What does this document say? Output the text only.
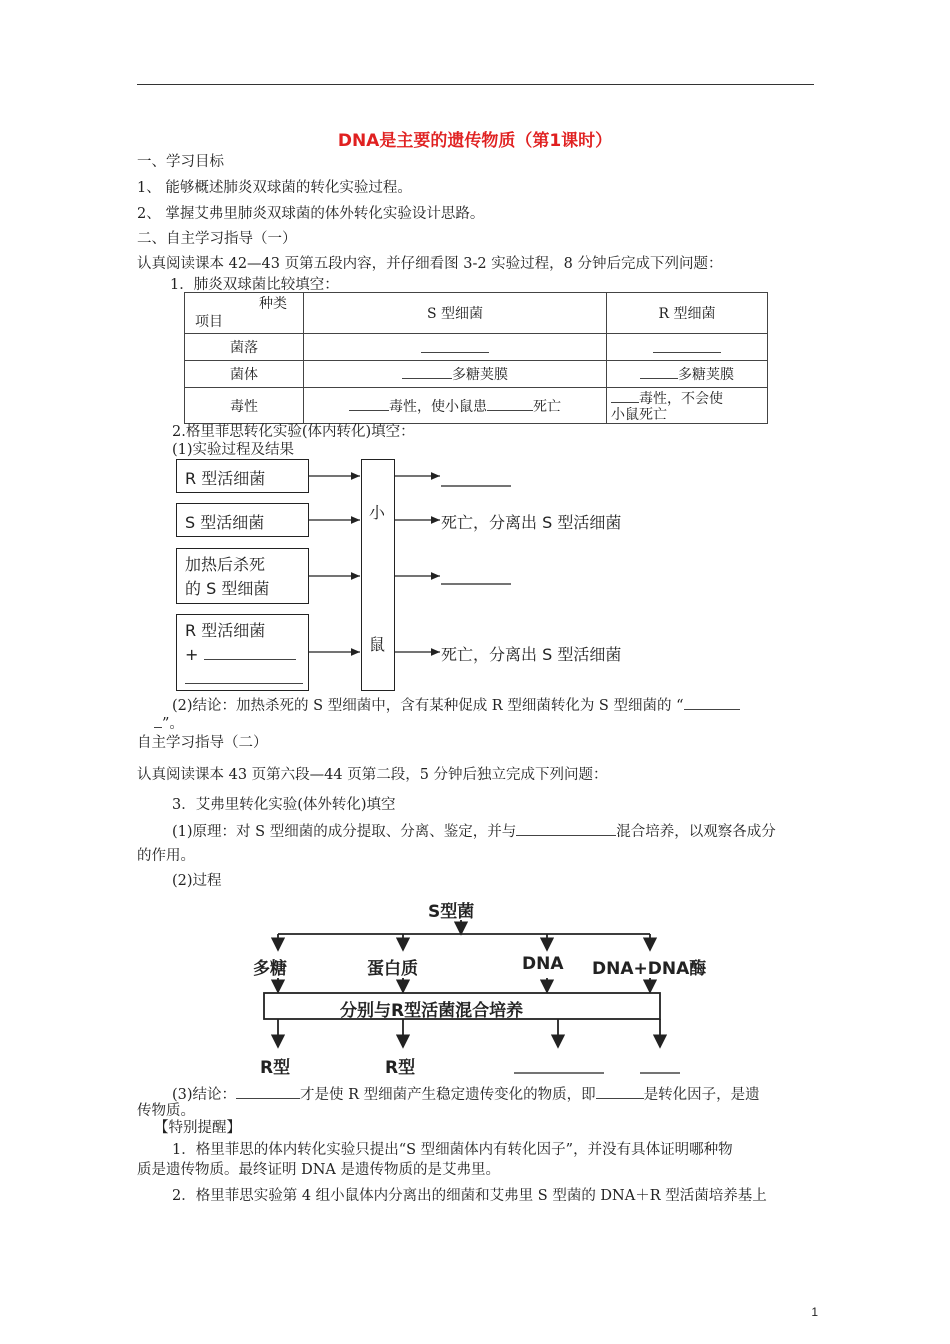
DNA是主要的遗传物质（第1课时）
一、学习目标
1、 能够概述肺炎双球菌的转化实验过程。
2、 掌握艾弗里肺炎双球菌的体外转化实验设计思路。
二、自主学习指导（一）
认真阅读课本 42—43 页第五段内容，并仔细看图 3-2 实验过程，8 分钟后完成下列问题：
1．肺炎双球菌比较填空：
种类
项目	S 型细菌	R 型细菌
菌落		
菌体	多糖荚膜	多糖荚膜
毒性	毒性，使小鼠患 死亡	毒性，不会使
小鼠死亡
2.格里菲思转化实验(体内转化)填空：
(1)实验过程及结果
R 型活细菌
S 型活细菌
加热后杀死
的 S 型细菌
R 型活细菌
+
小
鼠
死亡，分离出 S 型活细菌
死亡，分离出 S 型活细菌
(2)结论：加热杀死的 S 型细菌中，含有某种促成 R 型细菌转化为 S 型细菌的 “
”。
自主学习指导（二）
认真阅读课本 43 页第六段—44 页第二段，5 分钟后独立完成下列问题：
3．艾弗里转化实验(体外转化)填空
(1)原理：对 S 型细菌的成分提取、分离、鉴定，并与	混合培养，以观察各成分
的作用。
(2)过程
S型菌
多糖	蛋白质	DNA DNA+DNA酶
分别与R型活菌混合培养
R型	R型
(3)结论：	才是使 R 型细菌产生稳定遗传变化的物质，即	是转化因子，是遗
传物质。
【特别提醒】
1．格里菲思的体内转化实验只提出“S 型细菌体内有转化因子”，并没有具体证明哪种物
质是遗传物质。最终证明 DNA 是遗传物质的是艾弗里。
2．格里菲思实验第 4 组小鼠体内分离出的细菌和艾弗里 S 型菌的 DNA＋R 型活菌培养基上
1
